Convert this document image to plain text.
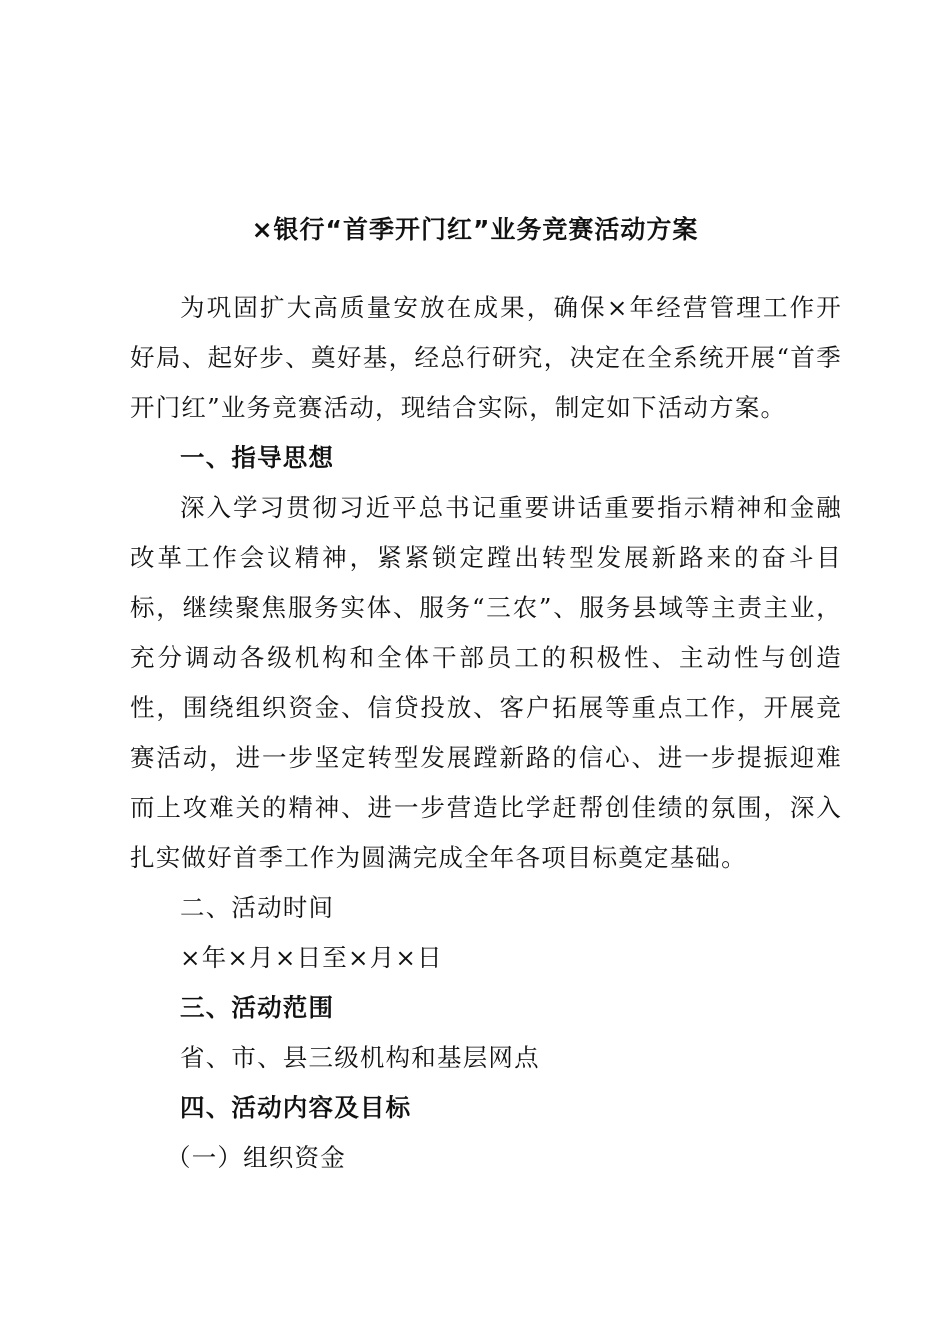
×银行“首季开门红”业务竞赛活动方案
为巩固扩大高质量安放在成果，确保×年经营管理工作开好局、起好步、奠好基，经总行研究，决定在全系统开展“首季开门红”业务竞赛活动，现结合实际，制定如下活动方案。
一、指导思想
深入学习贯彻习近平总书记重要讲话重要指示精神和金融改革工作会议精神，紧紧锁定蹚出转型发展新路来的奋斗目标，继续聚焦服务实体、服务“三农”、服务县域等主责主业，充分调动各级机构和全体干部员工的积极性、主动性与创造性，围绕组织资金、信贷投放、客户拓展等重点工作，开展竞赛活动，进一步坚定转型发展蹚新路的信心、进一步提振迎难而上攻难关的精神、进一步营造比学赶帮创佳绩的氛围，深入扎实做好首季工作为圆满完成全年各项目标奠定基础。
二、活动时间
×年×月×日至×月×日
三、活动范围
省、市、县三级机构和基层网点
四、活动内容及目标
（一）组织资金
